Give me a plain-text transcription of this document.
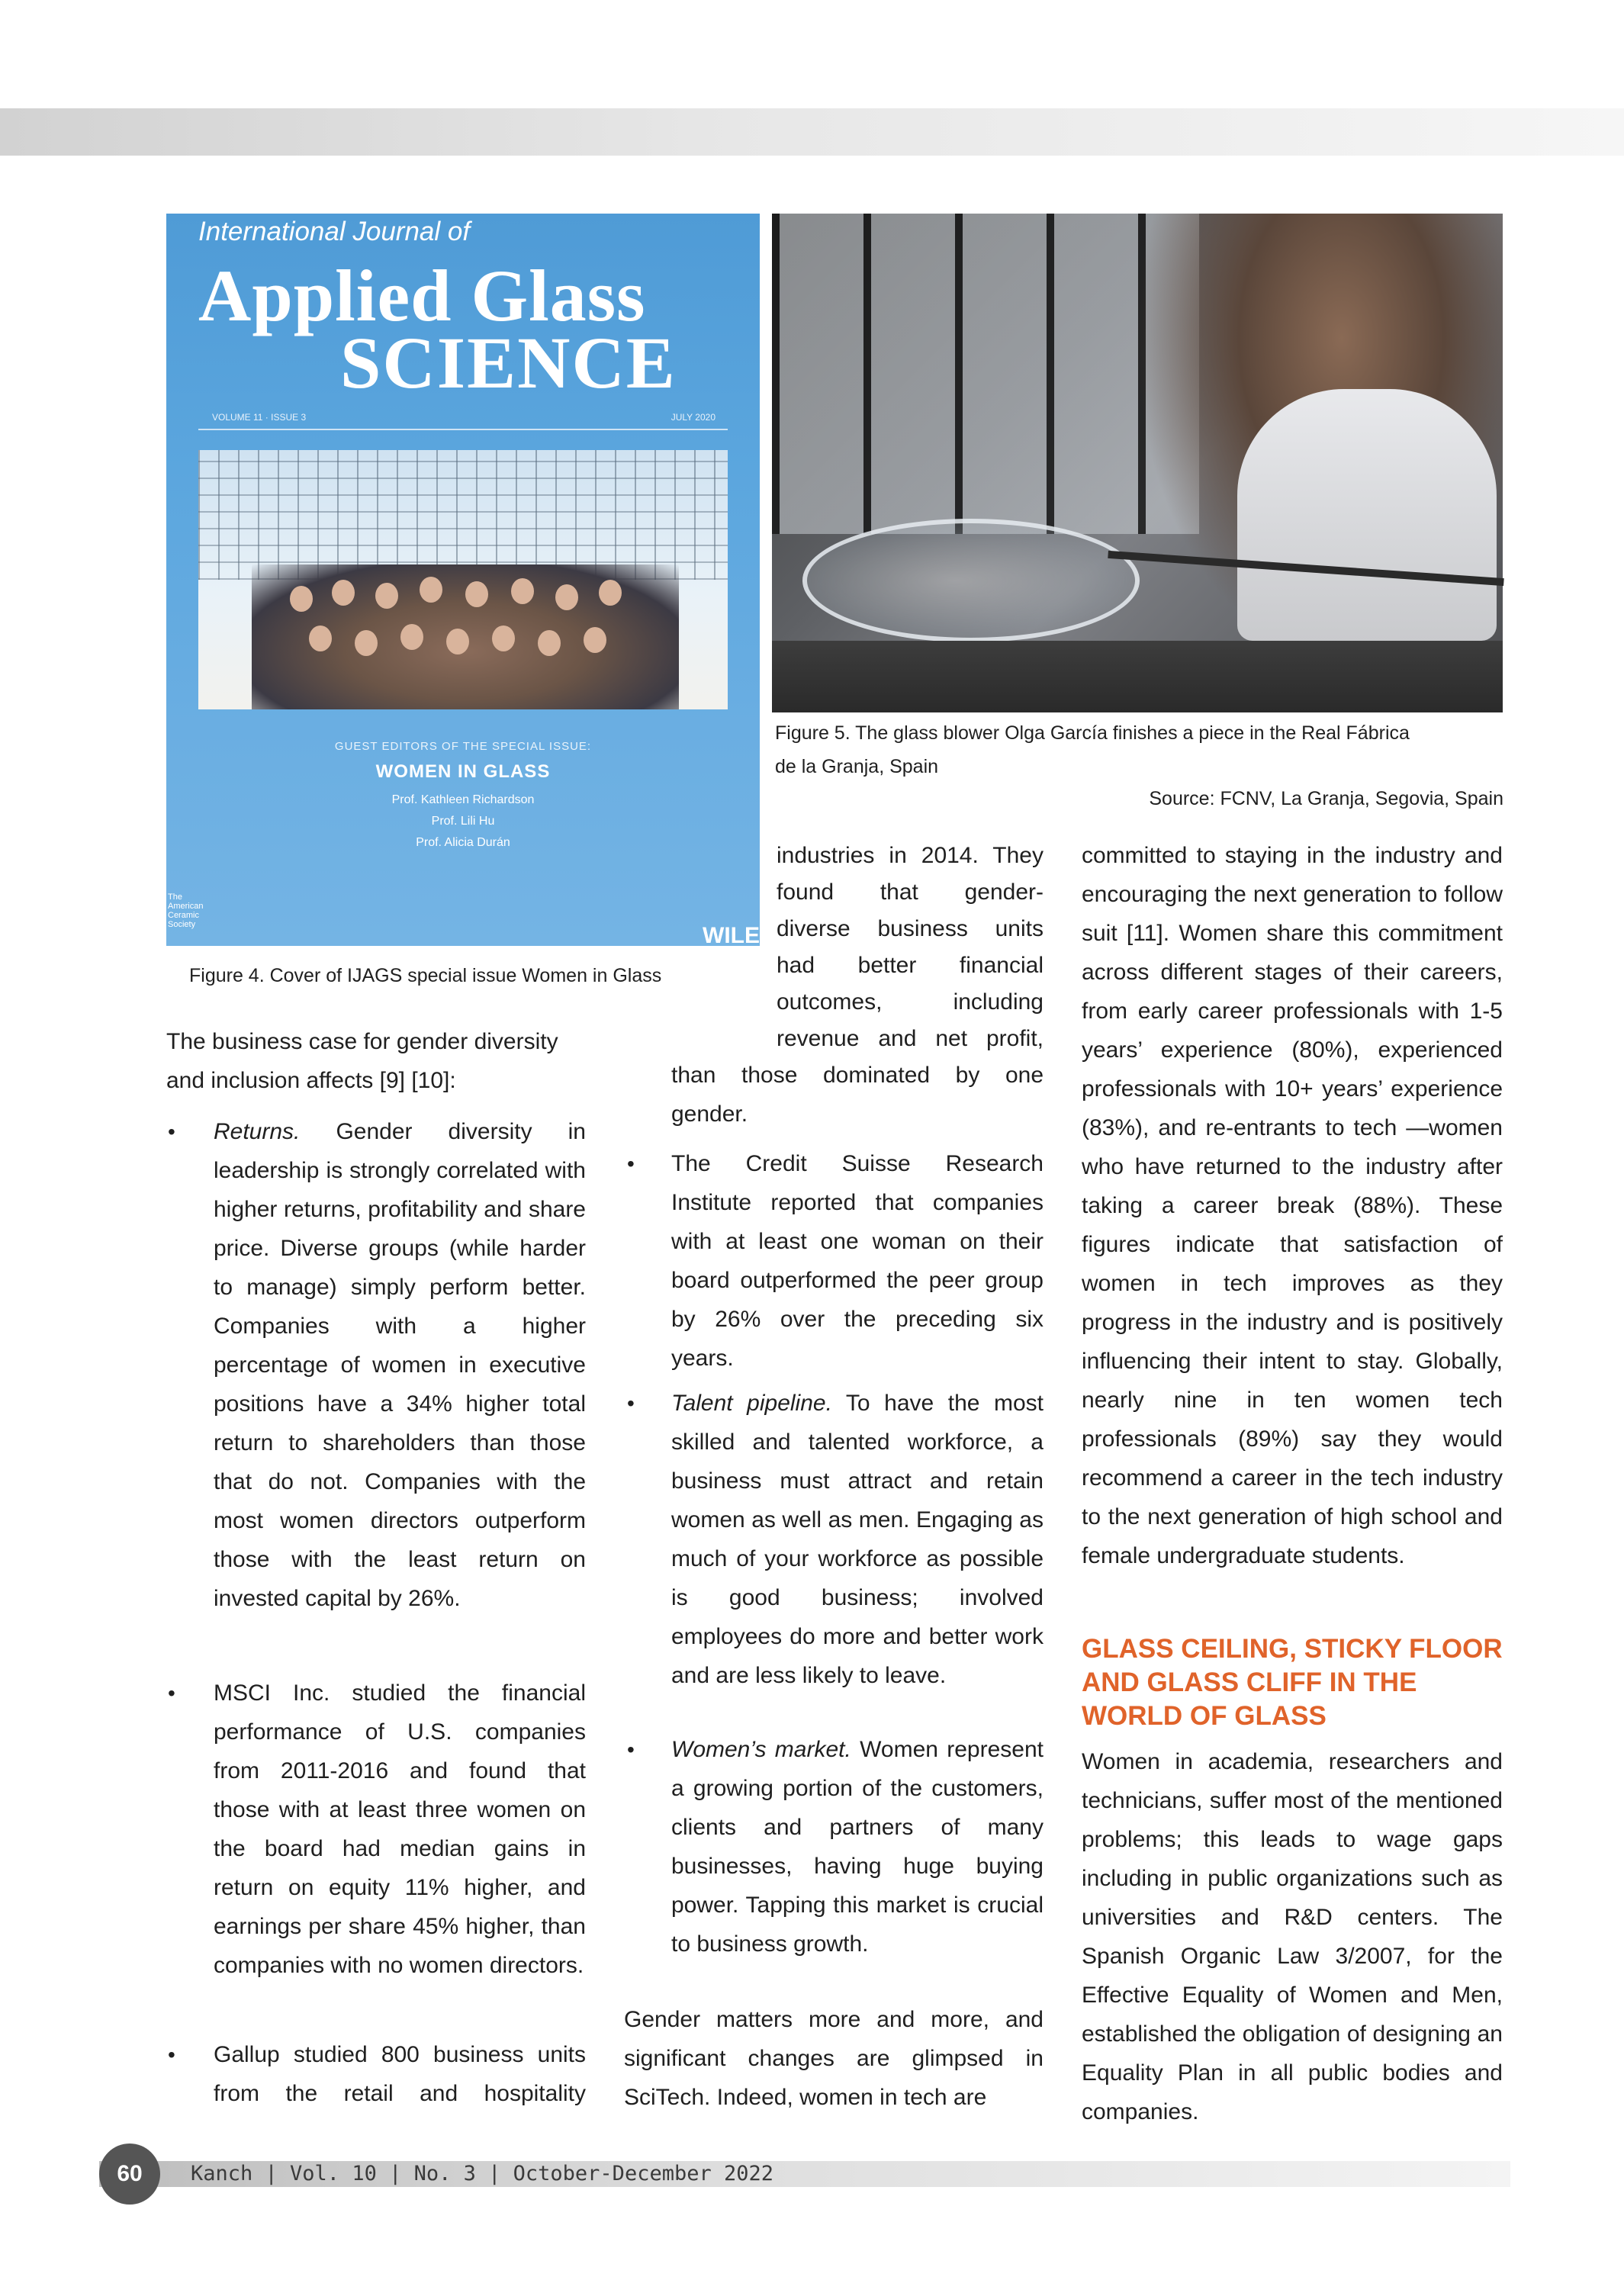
International Journal of
Applied Glass
SCIENCE
VOLUME 11 · ISSUE 3	JULY 2020
GUEST EDITORS OF THE SPECIAL ISSUE:
WOMEN IN GLASS
Prof. Kathleen Richardson
Prof. Lili Hu
Prof. Alicia Durán
The
American
Ceramic
Society	WILEY
Figure 4. Cover of IJAGS special issue Women in Glass
Figure 5. The glass blower Olga García finishes a piece in the Real Fábrica
de la Granja, Spain
Source: FCNV, La Granja, Segovia, Spain

The business case for gender diversity and inclusion affects [9] [10]:

• Returns. Gender diversity in leadership is strongly correlated with higher returns, profitability and share price. Diverse groups (while harder to manage) simply perform better. Companies with a higher percentage of women in executive positions have a 34% higher total return to shareholders than those that do not. Companies with the most women directors outperform those with the least return on invested capital by 26%.

• MSCI Inc. studied the financial performance of U.S. companies from 2011-2016 and found that those with at least three women on the board had median gains in return on equity 11% higher, and earnings per share 45% higher, than companies with no women directors.

• Gallup studied 800 business units from the retail and hospitality

industries in 2014. They
found that gender-
diverse business units
had better financial
outcomes, including
revenue and net profit,

than those dominated by one gender.

• The Credit Suisse Research Institute reported that companies with at least one woman on their board outperformed the peer group by 26% over the preceding six years.

• Talent pipeline. To have the most skilled and talented workforce, a business must attract and retain women as well as men. Engaging as much of your workforce as possible is good business; involved employees do more and better work and are less likely to leave.

• Women’s market. Women represent a growing portion of the customers, clients and partners of many businesses, having huge buying power. Tapping this market is crucial to business growth.

Gender matters more and more, and significant changes are glimpsed in SciTech. Indeed, women in tech are

committed to staying in the industry and encouraging the next generation to follow suit [11]. Women share this commitment across different stages of their careers, from early career professionals with 1-5 years’ experience (80%), experienced professionals with 10+ years’ experience (83%), and re-entrants to tech —women who have returned to the industry after taking a career break (88%). These figures indicate that satisfaction of women in tech improves as they progress in the industry and is positively influencing their intent to stay. Globally, nearly nine in ten women tech professionals (89%) say they would recommend a career in the tech industry to the next generation of high school and female undergraduate students.

GLASS CEILING, STICKY FLOOR AND GLASS CLIFF IN THE WORLD OF GLASS

Women in academia, researchers and technicians, suffer most of the mentioned problems; this leads to wage gaps including in public organizations such as universities and R&D centers. The Spanish Organic Law 3/2007, for the Effective Equality of Women and Men, established the obligation of designing an Equality Plan in all public bodies and companies.

60	Kanch | Vol. 10 | No. 3 | October-December 2022
